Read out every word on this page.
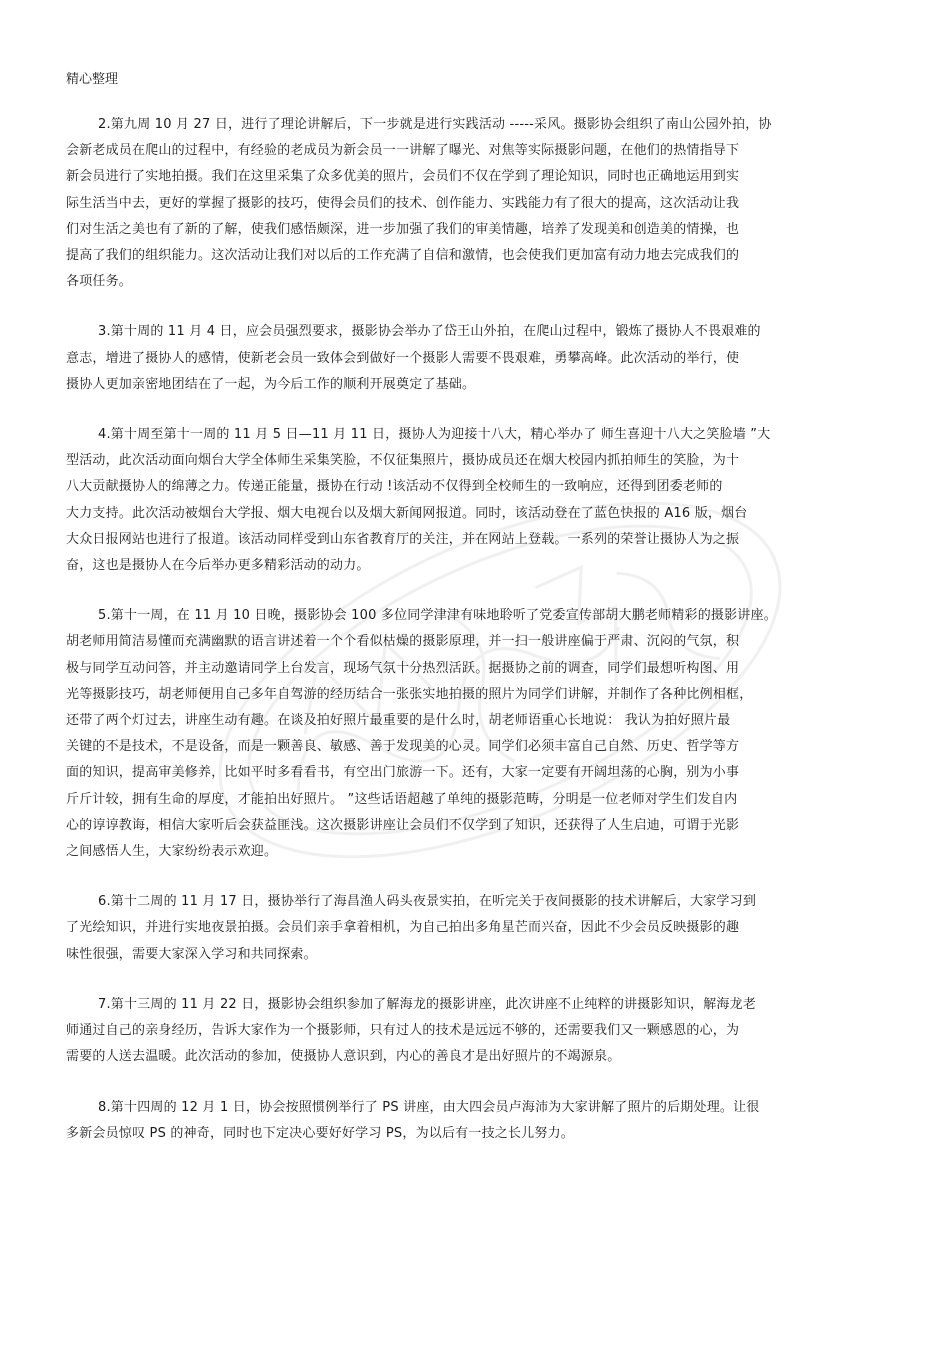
精心整理
2.第九周 10 月 27 日，进行了理论讲解后，下一步就是进行实践活动 -----采风。摄影协会组织了南山公园外拍，协
会新老成员在爬山的过程中，有经验的老成员为新会员一一讲解了曝光、对焦等实际摄影问题，在他们的热情指导下
新会员进行了实地拍摄。我们在这里采集了众多优美的照片，会员们不仅在学到了理论知识，同时也正确地运用到实
际生活当中去，更好的掌握了摄影的技巧，使得会员们的技术、创作能力、实践能力有了很大的提高，这次活动让我
们对生活之美也有了新的了解，使我们感悟颇深，进一步加强了我们的审美情趣，培养了发现美和创造美的情操，也
提高了我们的组织能力。这次活动让我们对以后的工作充满了自信和激情，也会使我们更加富有动力地去完成我们的
各项任务。
3.第十周的 11 月 4 日，应会员强烈要求，摄影协会举办了岱王山外拍，在爬山过程中，锻炼了摄协人不畏艰难的
意志，增进了摄协人的感情，使新老会员一致体会到做好一个摄影人需要不畏艰难，勇攀高峰。此次活动的举行，使
摄协人更加亲密地团结在了一起，为今后工作的顺利开展奠定了基础。
4.第十周至第十一周的 11 月 5 日—11 月 11 日，摄协人为迎接十八大，精心举办了 师生喜迎十八大之笑脸墙 ”大
型活动，此次活动面向烟台大学全体师生采集笑脸，不仅征集照片，摄协成员还在烟大校园内抓拍师生的笑脸，为十
八大贡献摄协人的绵薄之力。传递正能量，摄协在行动 !该活动不仅得到全校师生的一致响应，还得到团委老师的
大力支持。此次活动被烟台大学报、烟大电视台以及烟大新闻网报道。同时，该活动登在了蓝色快报的 A16 版，烟台
大众日报网站也进行了报道。该活动同样受到山东省教育厅的关注，并在网站上登载。一系列的荣誉让摄协人为之振
奋，这也是摄协人在今后举办更多精彩活动的动力。
5.第十一周，在 11 月 10 日晚，摄影协会 100 多位同学津津有味地聆听了党委宣传部胡大鹏老师精彩的摄影讲座。
胡老师用简洁易懂而充满幽默的语言讲述着一个个看似枯燥的摄影原理，并一扫一般讲座偏于严肃、沉闷的气氛，积
极与同学互动问答，并主动邀请同学上台发言，现场气氛十分热烈活跃。据摄协之前的调查，同学们最想听构图、用
光等摄影技巧，胡老师便用自己多年自驾游的经历结合一张张实地拍摄的照片为同学们讲解，并制作了各种比例相框，
还带了两个灯过去，讲座生动有趣。在谈及拍好照片最重要的是什么时，胡老师语重心长地说： 我认为拍好照片最
关键的不是技术，不是设备，而是一颗善良、敏感、善于发现美的心灵。同学们必须丰富自己自然、历史、哲学等方
面的知识，提高审美修养，比如平时多看看书，有空出门旅游一下。还有，大家一定要有开阔坦荡的心胸，别为小事
斤斤计较，拥有生命的厚度，才能拍出好照片。 ”这些话语超越了单纯的摄影范畴，分明是一位老师对学生们发自内
心的谆谆教诲，相信大家听后会获益匪浅。这次摄影讲座让会员们不仅学到了知识，还获得了人生启迪，可谓于光影
之间感悟人生，大家纷纷表示欢迎。
6.第十二周的 11 月 17 日，摄协举行了海昌渔人码头夜景实拍，在听完关于夜间摄影的技术讲解后，大家学习到
了光绘知识，并进行实地夜景拍摄。会员们亲手拿着相机，为自己拍出多角星芒而兴奋，因此不少会员反映摄影的趣
味性很强，需要大家深入学习和共同探索。
7.第十三周的 11 月 22 日，摄影协会组织参加了解海龙的摄影讲座，此次讲座不止纯粹的讲摄影知识，解海龙老
师通过自己的亲身经历，告诉大家作为一个摄影师，只有过人的技术是远远不够的，还需要我们又一颗感恩的心，为
需要的人送去温暖。此次活动的参加，使摄协人意识到，内心的善良才是出好照片的不竭源泉。
8.第十四周的 12 月 1 日，协会按照惯例举行了 PS 讲座，由大四会员卢海沛为大家讲解了照片的后期处理。让很
多新会员惊叹 PS 的神奇，同时也下定决心要好好学习 PS，为以后有一技之长儿努力。
